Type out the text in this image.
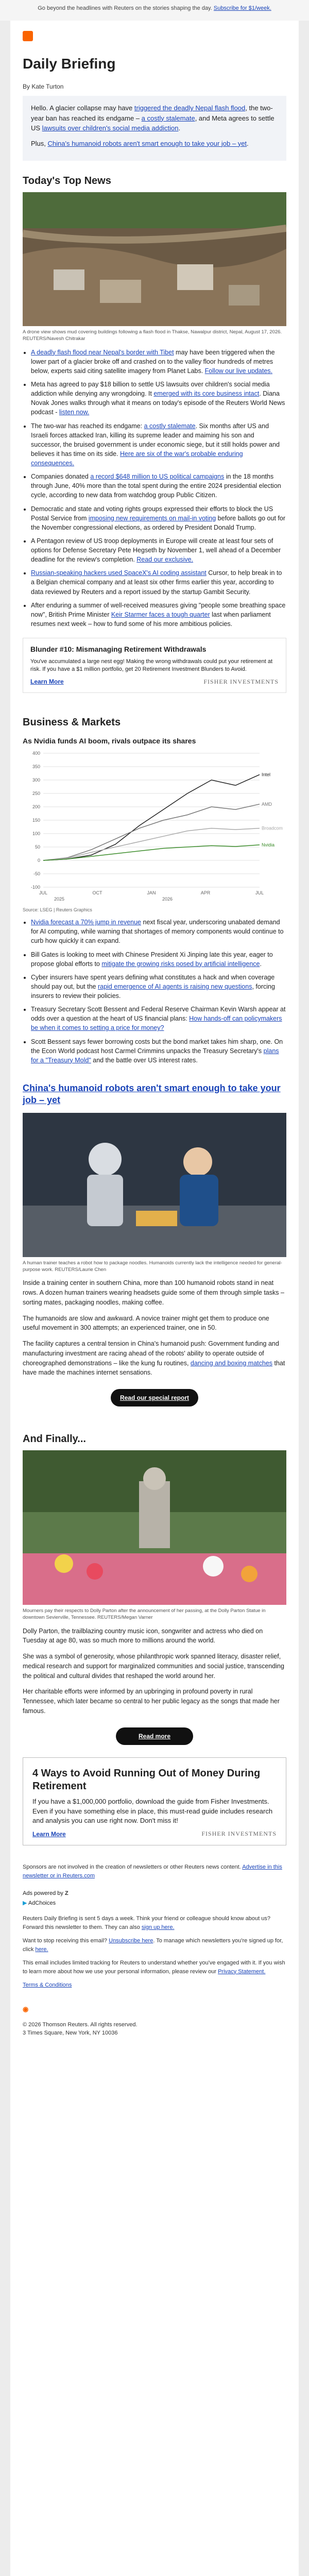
Go beyond the headlines with Reuters on the stories shaping the day. Subscribe for $1/week.
Daily Briefing
By Kate Turton

Hello. A glacier collapse may have triggered the deadly Nepal flash flood, the two-year ban has reached its endgame – a costly stalemate, and Meta agrees to settle US lawsuits over children's social media addiction.

Plus, China's humanoid robots aren't smart enough to take your job – yet.

Today's Top News
A drone view shows mud covering buildings following a flash flood in Thakse, Nawalpur district, Nepal, August 17, 2026. REUTERS/Navesh Chitrakar
• A deadly flash flood near Nepal's border with Tibet may have been triggered when the lower part of a glacier broke off and crashed on to the valley floor hundreds of metres below, experts said citing satellite imagery from Planet Labs. Follow our live updates.
• Meta has agreed to pay $18 billion to settle US lawsuits over children's social media addiction while denying any wrongdoing. It emerged with its core business intact. Diana Novak Jones walks through what it means on today's episode of the Reuters World News podcast - listen now.
• The two-war has reached its endgame: a costly stalemate. Six months after US and Israeli forces attacked Iran, killing its supreme leader and maiming his son and successor, the bruised government is under economic siege, but it still holds power and believes it has time on its side. Here are six of the war's probable enduring consequences.
• Companies donated a record $648 million to US political campaigns in the 18 months through June, 40% more than the total spent during the entire 2024 presidential election cycle, according to new data from watchdog group Public Citizen.
• Democratic and state and voting rights groups expressed their efforts to block the US Postal Service from imposing new requirements on mail-in voting before ballots go out for the November congressional elections, as ordered by President Donald Trump.
• A Pentagon review of US troop deployments in Europe will create at least four sets of options for Defense Secretary Pete Hegseth by November 1, well ahead of a December deadline for the review's completion. Read our exclusive.
• Russian-speaking hackers used SpaceX's AI coding assistant Cursor, to help break in to a Belgian chemical company and at least six other firms earlier this year, according to data reviewed by Reuters and a report issued by the startup Gambit Security.
• After enduring a summer of well-received measures giving "people some breathing space now", British Prime Minister Keir Starmer faces a tough quarter last when parliament resumes next week – how to fund some of his more ambitious policies.
Blunder #10: Mismanaging Retirement Withdrawals
You've accumulated a large nest egg! Making the wrong withdrawals could put your retirement at risk. If you have a $1 million portfolio, get 20 Retirement Investment Blunders to Avoid.
Learn More	FISHER INVESTMENTS
Business & Markets
As Nvidia funds AI boom, rivals outpace its shares
400
350
300
250
200
150
100
50
0
-50
-100
JUL	OCT	JAN	APR	JUL
2025	2026
Intel
AMD
Broadcom
Nvidia
Source: LSEG | Reuters Graphics
• Nvidia forecast a 70% jump in revenue next fiscal year, underscoring unabated demand for AI computing, while warning that shortages of memory components would continue to curb how quickly it can expand.
• Bill Gates is looking to meet with Chinese President Xi Jinping late this year, eager to propose global efforts to mitigate the growing risks posed by artificial intelligence.
• Cyber insurers have spent years defining what constitutes a hack and when coverage should pay out, but the rapid emergence of AI agents is raising new questions, forcing insurers to review their policies.
• Treasury Secretary Scott Bessent and Federal Reserve Chairman Kevin Warsh appear at odds over a question at the heart of US financial plans: How hands-off can policymakers be when it comes to setting a price for money?
• Scott Bessent says fewer borrowing costs but the bond market takes him sharp, one. On the Econ World podcast host Carmel Crimmins unpacks the Treasury Secretary's plans for a "Treasury Mold" and the battle over US interest rates.
China's humanoid robots aren't smart enough to take your job – yet
A human trainer teaches a robot how to package noodles. Humanoids currently lack the intelligence needed for general-purpose work. REUTERS/Laurie Chen

Inside a training center in southern China, more than 100 humanoid robots stand in neat rows. A dozen human trainers wearing headsets guide some of them through simple tasks – sorting mates, packaging noodles, making coffee.

The humanoids are slow and awkward. A novice trainer might get them to produce one useful movement in 300 attempts; an experienced trainer, one in 50.

The facility captures a central tension in China's humanoid push: Government funding and manufacturing investment are racing ahead of the robots' ability to operate outside of choreographed demonstrations – like the kung fu routines, dancing and boxing matches that have made the machines internet sensations.

Read our special report
And Finally...
Mourners pay their respects to Dolly Parton after the announcement of her passing, at the Dolly Parton Statue in downtown Sevierville, Tennessee. REUTERS/Megan Varner

Dolly Parton, the trailblazing country music icon, songwriter and actress who died on Tuesday at age 80, was so much more to millions around the world.

She was a symbol of generosity, whose philanthropic work spanned literacy, disaster relief, medical research and support for marginalized communities and social justice, transcending the political and cultural divides that reshaped the world around her.

Her charitable efforts were informed by an upbringing in profound poverty in rural Tennessee, which later became so central to her public legacy as the songs that made her famous.

Read more
4 Ways to Avoid Running Out of Money During Retirement

If you have a $1,000,000 portfolio, download the guide from Fisher Investments. Even if you have something else in place, this must-read guide includes research and analysis you can use right now. Don't miss it!

Learn More	FISHER INVESTMENTS

Sponsors are not involved in the creation of newsletters or other Reuters news content. Advertise in this newsletter or in Reuters.com

Ads powered by Z
▶ AdChoices

Reuters Daily Briefing is sent 5 days a week. Think your friend or colleague should know about us? Forward this newsletter to them. They can also sign up here.

Want to stop receiving this email? Unsubscribe here. To manage which newsletters you're signed up for, click here.

This email includes limited tracking for Reuters to understand whether you've engaged with it. If you wish to learn more about how we use your personal information, please review our Privacy Statement.

Terms & Conditions

◉
© 2026 Thomson Reuters. All rights reserved.
3 Times Square, New York, NY 10036
